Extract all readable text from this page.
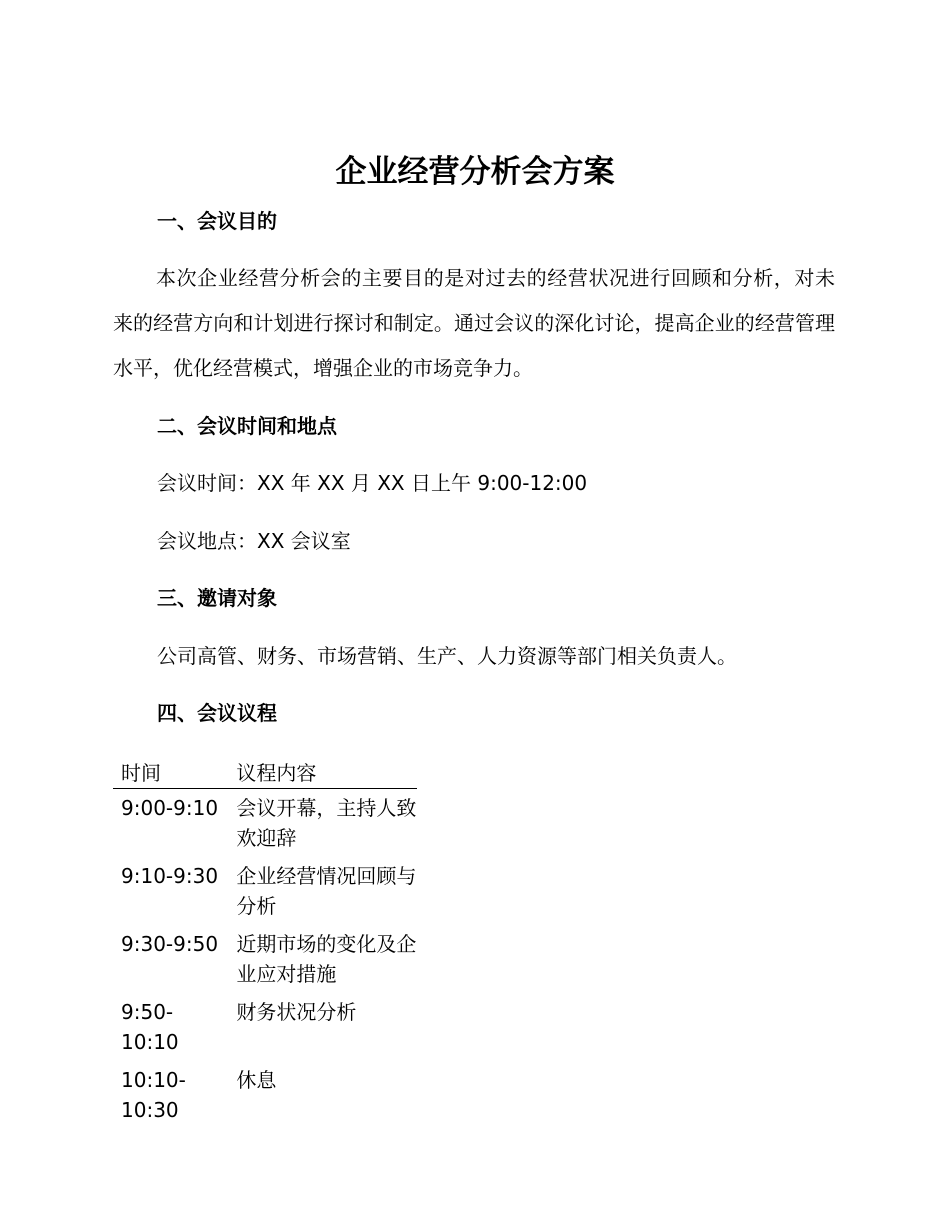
企业经营分析会方案
一、会议目的

本次企业经营分析会的主要目的是对过去的经营状况进行回顾和分析，对未来的经营方向和计划进行探讨和制定。通过会议的深化讨论，提高企业的经营管理水平，优化经营模式，增强企业的市场竞争力。

二、会议时间和地点

会议时间：XX 年 XX 月 XX 日上午 9:00-12:00

会议地点：XX 会议室

三、邀请对象

公司高管、财务、市场营销、生产、人力资源等部门相关负责人。

四、会议议程
时间	议程内容
9:00-9:10	会议开幕，主持人致欢迎辞
9:10-9:30	企业经营情况回顾与分析
9:30-9:50	近期市场的变化及企业应对措施
9:50-10:10	财务状况分析
10:10-10:30	休息
